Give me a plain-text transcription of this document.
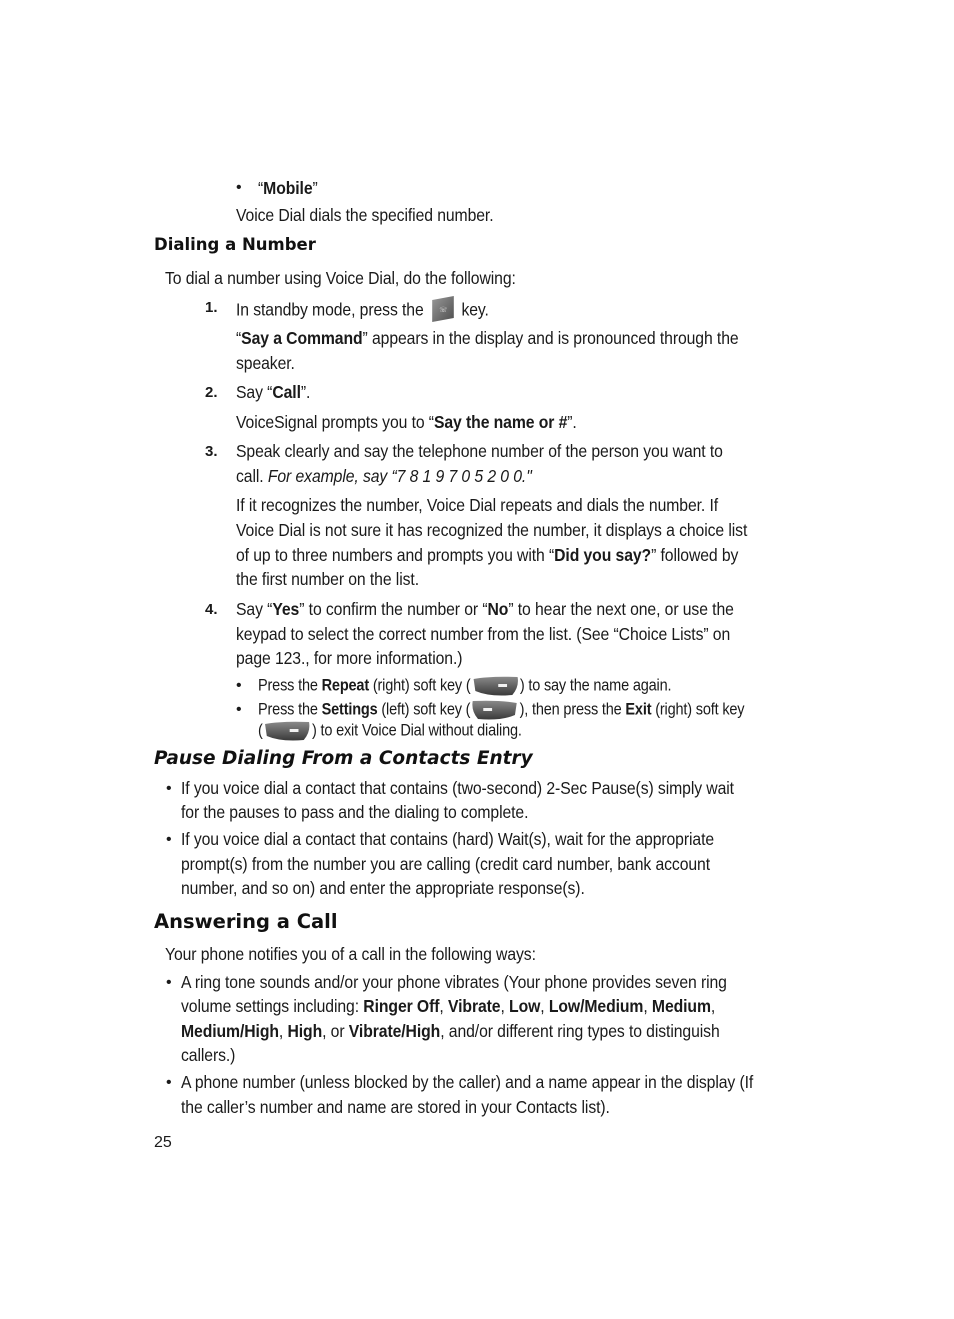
• “Mobile”
Voice Dial dials the specified number.
Dialing a Number
To dial a number using Voice Dial, do the following:
1. In standby mode, press the ☏ key.
“Say a Command” appears in the display and is pronounced through the
speaker.
2. Say “Call”.
VoiceSignal prompts you to “Say the name or #”.
3. Speak clearly and say the telephone number of the person you want to
call. For example, say “7 8 1 9 7 0 5 2 0 0."
If it recognizes the number, Voice Dial repeats and dials the number. If
Voice Dial is not sure it has recognized the number, it displays a choice list
of up to three numbers and prompts you with “Did you say?” followed by
the first number on the list.
4. Say “Yes” to confirm the number or “No” to hear the next one, or use the
keypad to select the correct number from the list. (See “Choice Lists” on
page 123., for more information.)
• Press the Repeat (right) soft key (	) to say the name again.
• Press the Settings (left) soft key (	), then press the Exit (right) soft key
(	) to exit Voice Dial without dialing.
Pause Dialing From a Contacts Entry
• If you voice dial a contact that contains (two-second) 2-Sec Pause(s) simply wait
for the pauses to pass and the dialing to complete.
• If you voice dial a contact that contains (hard) Wait(s), wait for the appropriate
prompt(s) from the number you are calling (credit card number, bank account
number, and so on) and enter the appropriate response(s).
Answering a Call
Your phone notifies you of a call in the following ways:
• A ring tone sounds and/or your phone vibrates (Your phone provides seven ring
volume settings including: Ringer Off, Vibrate, Low, Low/Medium, Medium,
Medium/High, High, or Vibrate/High, and/or different ring types to distinguish
callers.)
• A phone number (unless blocked by the caller) and a name appear in the display (If
the caller’s number and name are stored in your Contacts list).
25
